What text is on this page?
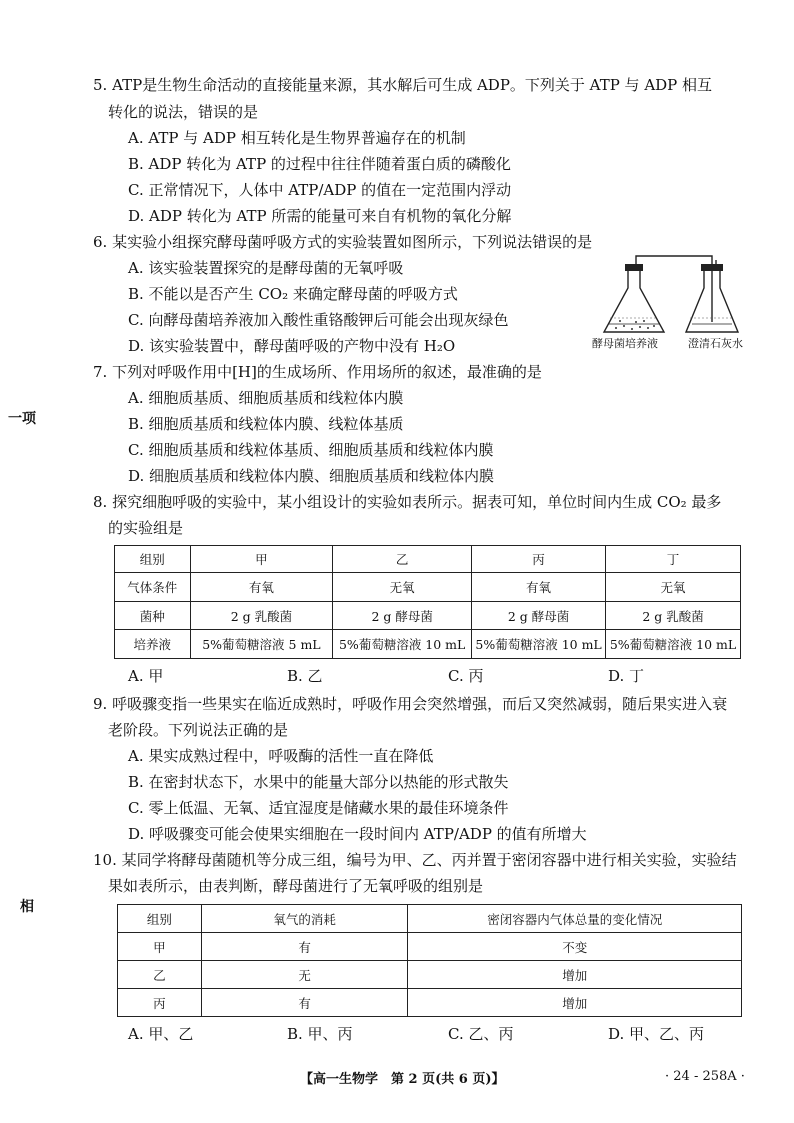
一项
相
5. ATP是生物生命活动的直接能量来源，其水解后可生成 ADP。下列关于 ATP 与 ADP 相互
转化的说法，错误的是
A. ATP 与 ADP 相互转化是生物界普遍存在的机制
B. ADP 转化为 ATP 的过程中往往伴随着蛋白质的磷酸化
C. 正常情况下，人体中 ATP/ADP 的值在一定范围内浮动
D. ADP 转化为 ATP 所需的能量可来自有机物的氧化分解
6. 某实验小组探究酵母菌呼吸方式的实验装置如图所示，下列说法错误的是
A. 该实验装置探究的是酵母菌的无氧呼吸
B. 不能以是否产生 CO₂ 来确定酵母菌的呼吸方式
C. 向酵母菌培养液加入酸性重铬酸钾后可能会出现灰绿色
D. 该实验装置中，酵母菌呼吸的产物中没有 H₂O	酵母菌培养液	澄清石灰水
7. 下列对呼吸作用中[H]的生成场所、作用场所的叙述，最准确的是
A. 细胞质基质、细胞质基质和线粒体内膜
B. 细胞质基质和线粒体内膜、线粒体基质
C. 细胞质基质和线粒体基质、细胞质基质和线粒体内膜
D. 细胞质基质和线粒体内膜、细胞质基质和线粒体内膜
8. 探究细胞呼吸的实验中，某小组设计的实验如表所示。据表可知，单位时间内生成 CO₂ 最多
的实验组是
组别	甲	乙	丙	丁
气体条件	有氧	无氧	有氧	无氧
菌种	2 g 乳酸菌	2 g 酵母菌	2 g 酵母菌	2 g 乳酸菌
培养液	5%葡萄糖溶液 5 mL	5%葡萄糖溶液 10 mL	5%葡萄糖溶液 10 mL	5%葡萄糖溶液 10 mL
A. 甲	B. 乙	C. 丙	D. 丁
9. 呼吸骤变指一些果实在临近成熟时，呼吸作用会突然增强，而后又突然减弱，随后果实进入衰
老阶段。下列说法正确的是
A. 果实成熟过程中，呼吸酶的活性一直在降低
B. 在密封状态下，水果中的能量大部分以热能的形式散失
C. 零上低温、无氧、适宜湿度是储藏水果的最佳环境条件
D. 呼吸骤变可能会使果实细胞在一段时间内 ATP/ADP 的值有所增大
10. 某同学将酵母菌随机等分成三组，编号为甲、乙、丙并置于密闭容器中进行相关实验，实验结
果如表所示，由表判断，酵母菌进行了无氧呼吸的组别是
组别	氧气的消耗	密闭容器内气体总量的变化情况
甲	有	不变
乙	无	增加
丙	有	增加
A. 甲、乙	B. 甲、丙	C. 乙、丙	D. 甲、乙、丙
【高一生物学　第 2 页(共 6 页)】	· 24 - 258A ·
